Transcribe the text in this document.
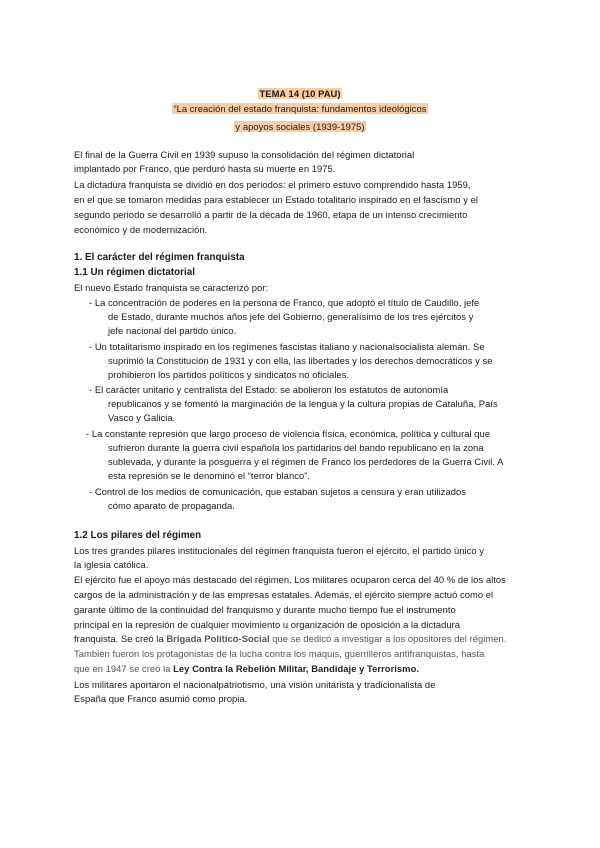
TEMA 14 (10 PAU)
“La creación del estado franquista: fundamentos ideológicos
y apoyos sociales (1939-1975)
El final de la Guerra Civil en 1939 supuso la consolidación del régimen dictatorial
implantado por Franco, que perduró hasta su muerte en 1975.
La dictadura franquista se dividió en dos periodos: el primero estuvo comprendido hasta 1959,
en el que se tomaron medidas para establecer un Estado totalitario inspirado en el fascismo y el
segundo periodo se desarrolló a partir de la década de 1960, etapa de un intenso crecimiento
económico y de modernización.
1. El carácter del régimen franquista
1.1 Un régimen dictatorial
El nuevo Estado franquista se caracterizó por:
- La concentración de poderes en la persona de Franco, que adoptó el título de Caudillo, jefe
de Estado, durante muchos años jefe del Gobierno, generalísimo de los tres ejércitos y
jefe nacional del partido único.
- Un totalitarismo inspirado en los regímenes fascistas italiano y nacionalsocialista alemán. Se
suprimió la Constitución de 1931 y con ella, las libertades y los derechos democráticos y se
prohibieron los partidos políticos y sindicatos no oficiales.
- El carácter unitario y centralista del Estado: se abolieron los estatutos de autonomía
republicanos y se fomentó la marginación de la lengua y la cultura propias de Cataluña, País
Vasco y Galicia.
- La constante represión que largo proceso de violencia física, económica, política y cultural que
sufrieron durante la guerra civil española los partidarios del bando republicano en la zona
sublevada, y durante la posguerra y el régimen de Franco los perdedores de la Guerra Civil. A
esta represión se le denominó el “terror blanco”.
- Control de los medios de comunicación, que estaban sujetos a censura y eran utilizados
cómo aparato de propaganda.
1.2 Los pilares del régimen
Los tres grandes pilares institucionales del régimen franquista fueron el ejército, el partido único y
la iglesia católica.
El ejército fue el apoyo más destacado del régimen. Los militares ocuparon cerca del 40 % de los altos
cargos de la administración y de las empresas estatales. Además, el ejército siempre actuó como el
garante último de la continuidad del franquismo y durante mucho tiempo fue el instrumento
principal en la represión de cualquier movimiento u organización de oposición a la dictadura
franquista. Se creó la Brigada Político-Social que se dedicó a investigar a los opositores del régimen.
También fueron los protagonistas de la lucha contra los maquis, guerrilleros antifranquistas, hasta
que en 1947 se creó la Ley Contra la Rebelión Militar, Bandidaje y Terrorismo.
Los militares aportaron el nacionalpatriotismo, una visión unitarista y tradicionalista de
España que Franco asumió como propia.
